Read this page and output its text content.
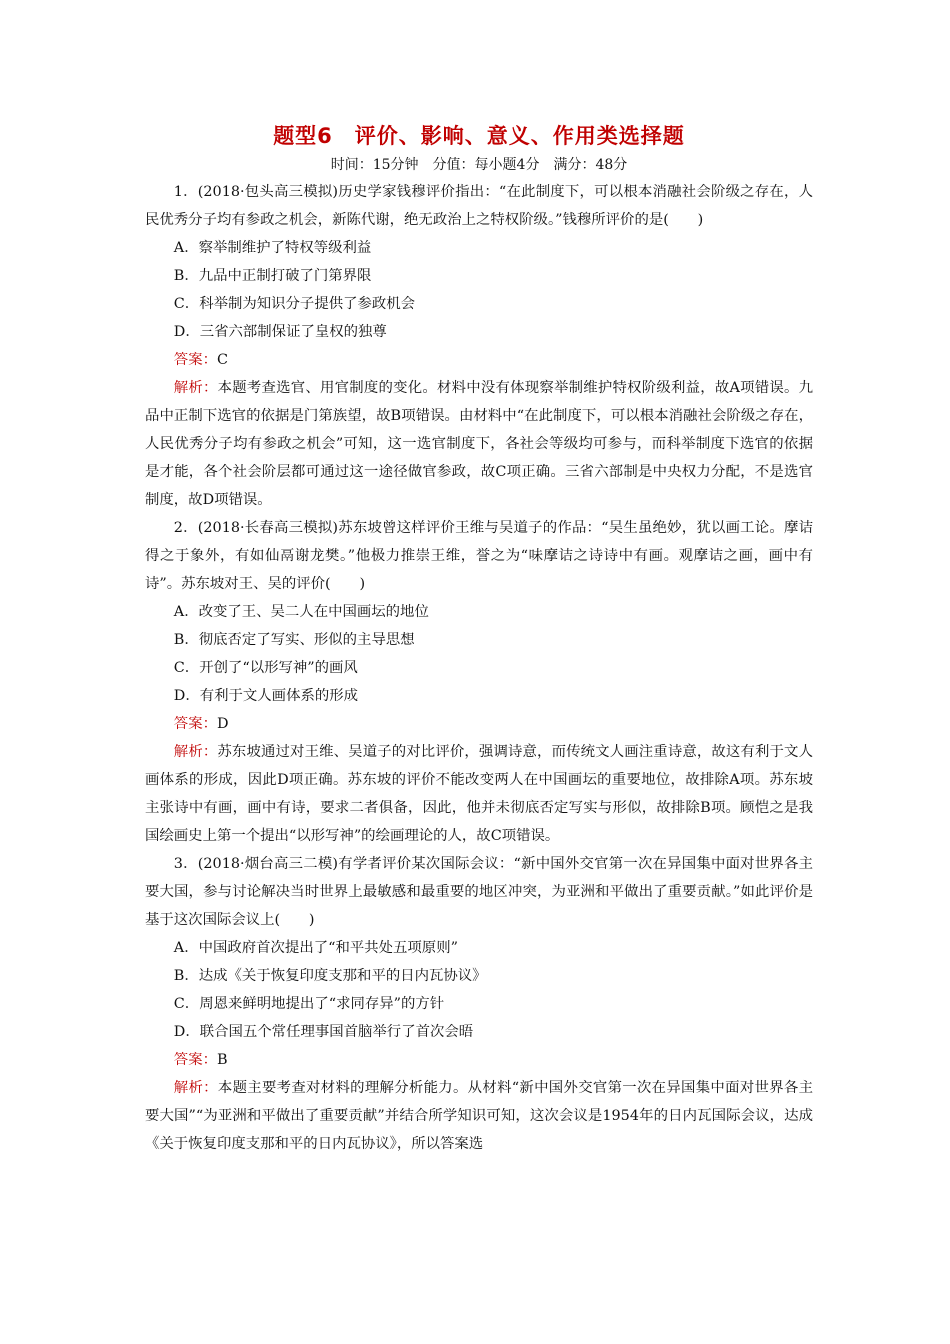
题型6　评价、影响、意义、作用类选择题
时间：15分钟　分值：每小题4分　满分：48分

1．(2018·包头高三模拟)历史学家钱穆评价指出：“在此制度下，可以根本消融社会阶级之存在，人民优秀分子均有参政之机会，新陈代谢，绝无政治上之特权阶级。”钱穆所评价的是(　　)

A．察举制维护了特权等级利益

B．九品中正制打破了门第界限

C．科举制为知识分子提供了参政机会

D．三省六部制保证了皇权的独尊

答案：C

解析：本题考查选官、用官制度的变化。材料中没有体现察举制维护特权阶级利益，故A项错误。九品中正制下选官的依据是门第族望，故B项错误。由材料中“在此制度下，可以根本消融社会阶级之存在，人民优秀分子均有参政之机会”可知，这一选官制度下，各社会等级均可参与，而科举制度下选官的依据是才能，各个社会阶层都可通过这一途径做官参政，故C项正确。三省六部制是中央权力分配，不是选官制度，故D项错误。

2．(2018·长春高三模拟)苏东坡曾这样评价王维与吴道子的作品：“吴生虽绝妙，犹以画工论。摩诘得之于象外，有如仙鬲谢龙樊。”他极力推崇王维，誉之为“味摩诘之诗诗中有画。观摩诘之画，画中有诗”。苏东坡对王、吴的评价(　　)

A．改变了王、吴二人在中国画坛的地位

B．彻底否定了写实、形似的主导思想

C．开创了“以形写神”的画风

D．有利于文人画体系的形成

答案：D

解析：苏东坡通过对王维、吴道子的对比评价，强调诗意，而传统文人画注重诗意，故这有利于文人画体系的形成，因此D项正确。苏东坡的评价不能改变两人在中国画坛的重要地位，故排除A项。苏东坡主张诗中有画，画中有诗，要求二者俱备，因此，他并未彻底否定写实与形似，故排除B项。顾恺之是我国绘画史上第一个提出“以形写神”的绘画理论的人，故C项错误。

3．(2018·烟台高三二模)有学者评价某次国际会议：“新中国外交官第一次在异国集中面对世界各主要大国，参与讨论解决当时世界上最敏感和最重要的地区冲突，为亚洲和平做出了重要贡献。”如此评价是基于这次国际会议上(　　)

A．中国政府首次提出了“和平共处五项原则”

B．达成《关于恢复印度支那和平的日内瓦协议》

C．周恩来鲜明地提出了“求同存异”的方针

D．联合国五个常任理事国首脑举行了首次会晤

答案：B

解析：本题主要考查对材料的理解分析能力。从材料“新中国外交官第一次在异国集中面对世界各主要大国”“为亚洲和平做出了重要贡献”并结合所学知识可知，这次会议是1954年的日内瓦国际会议，达成《关于恢复印度支那和平的日内瓦协议》，所以答案选
